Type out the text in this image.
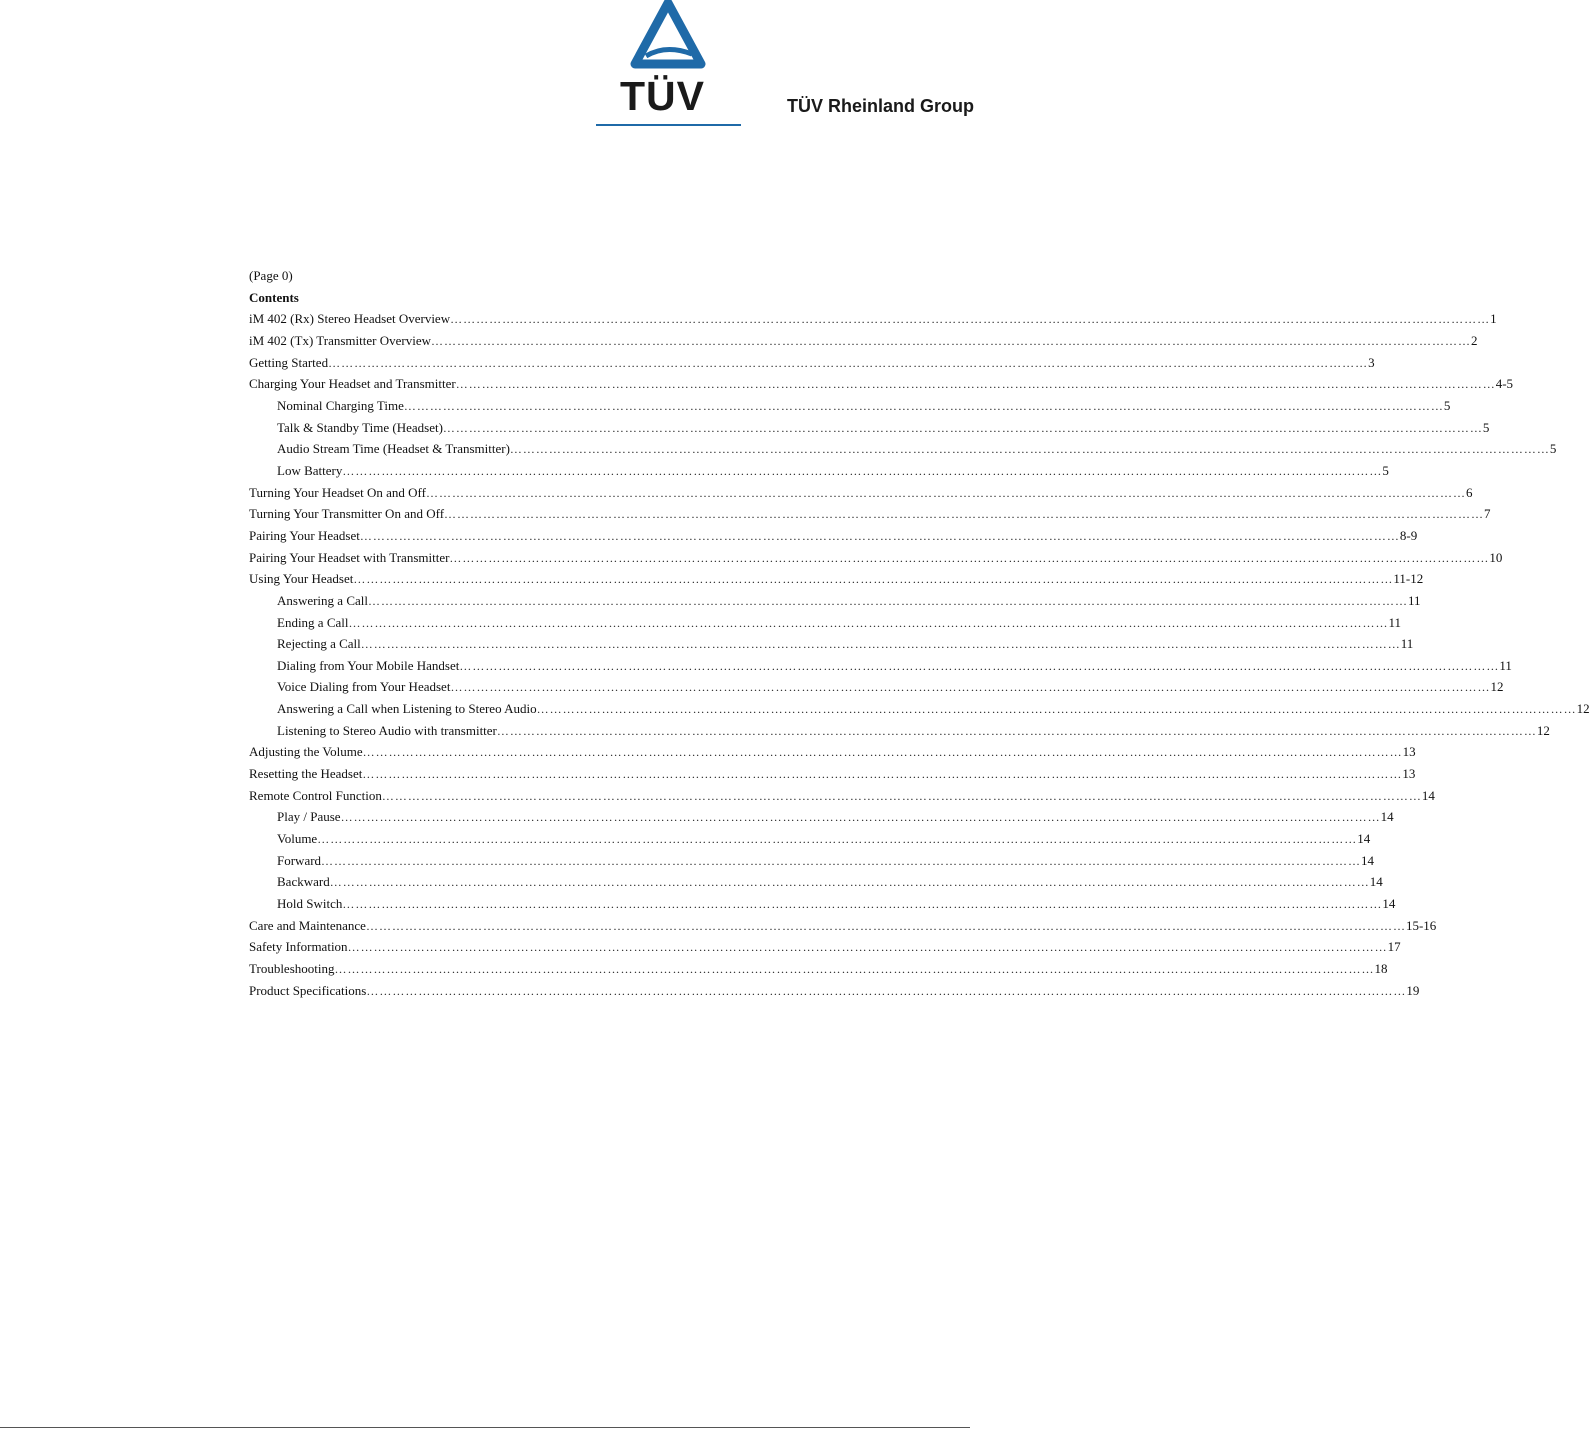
TÜV	TÜV Rheinland Group
(Page 0)
Contents
iM 402 (Rx) Stereo Headset Overview …………………………………………………………………………………………………………………………………………………………………………………………………………………… 1
iM 402 (Tx) Transmitter Overview …………………………………………………………………………………………………………………………………………………………………………………………………………………… 2
Getting Started …………………………………………………………………………………………………………………………………………………………………………………………………………………… 3
Charging Your Headset and Transmitter …………………………………………………………………………………………………………………………………………………………………………………………………………………… 4-5
Nominal Charging Time …………………………………………………………………………………………………………………………………………………………………………………………………………………… 5
Talk & Standby Time (Headset) …………………………………………………………………………………………………………………………………………………………………………………………………………………… 5
Audio Stream Time (Headset & Transmitter) …………………………………………………………………………………………………………………………………………………………………………………………………………………… 5
Low Battery …………………………………………………………………………………………………………………………………………………………………………………………………………………… 5
Turning Your Headset On and Off …………………………………………………………………………………………………………………………………………………………………………………………………………………… 6
Turning Your Transmitter On and Off …………………………………………………………………………………………………………………………………………………………………………………………………………………… 7
Pairing Your Headset …………………………………………………………………………………………………………………………………………………………………………………………………………………… 8-9
Pairing Your Headset with Transmitter …………………………………………………………………………………………………………………………………………………………………………………………………………………… 10
Using Your Headset …………………………………………………………………………………………………………………………………………………………………………………………………………………… 11-12
Answering a Call …………………………………………………………………………………………………………………………………………………………………………………………………………………… 11
Ending a Call …………………………………………………………………………………………………………………………………………………………………………………………………………………… 11
Rejecting a Call …………………………………………………………………………………………………………………………………………………………………………………………………………………… 11
Dialing from Your Mobile Handset …………………………………………………………………………………………………………………………………………………………………………………………………………………… 11
Voice Dialing from Your Headset …………………………………………………………………………………………………………………………………………………………………………………………………………………… 12
Answering a Call when Listening to Stereo Audio …………………………………………………………………………………………………………………………………………………………………………………………………………………… 12
Listening to Stereo Audio with transmitter …………………………………………………………………………………………………………………………………………………………………………………………………………………… 12
Adjusting the Volume …………………………………………………………………………………………………………………………………………………………………………………………………………………… 13
Resetting the Headset …………………………………………………………………………………………………………………………………………………………………………………………………………………… 13
Remote Control Function …………………………………………………………………………………………………………………………………………………………………………………………………………………… 14
Play / Pause …………………………………………………………………………………………………………………………………………………………………………………………………………………… 14
Volume …………………………………………………………………………………………………………………………………………………………………………………………………………………… 14
Forward …………………………………………………………………………………………………………………………………………………………………………………………………………………… 14
Backward …………………………………………………………………………………………………………………………………………………………………………………………………………………… 14
Hold Switch …………………………………………………………………………………………………………………………………………………………………………………………………………………… 14
Care and Maintenance …………………………………………………………………………………………………………………………………………………………………………………………………………………… 15-16
Safety Information …………………………………………………………………………………………………………………………………………………………………………………………………………………… 17
Troubleshooting …………………………………………………………………………………………………………………………………………………………………………………………………………………… 18
Product Specifications …………………………………………………………………………………………………………………………………………………………………………………………………………………… 19
